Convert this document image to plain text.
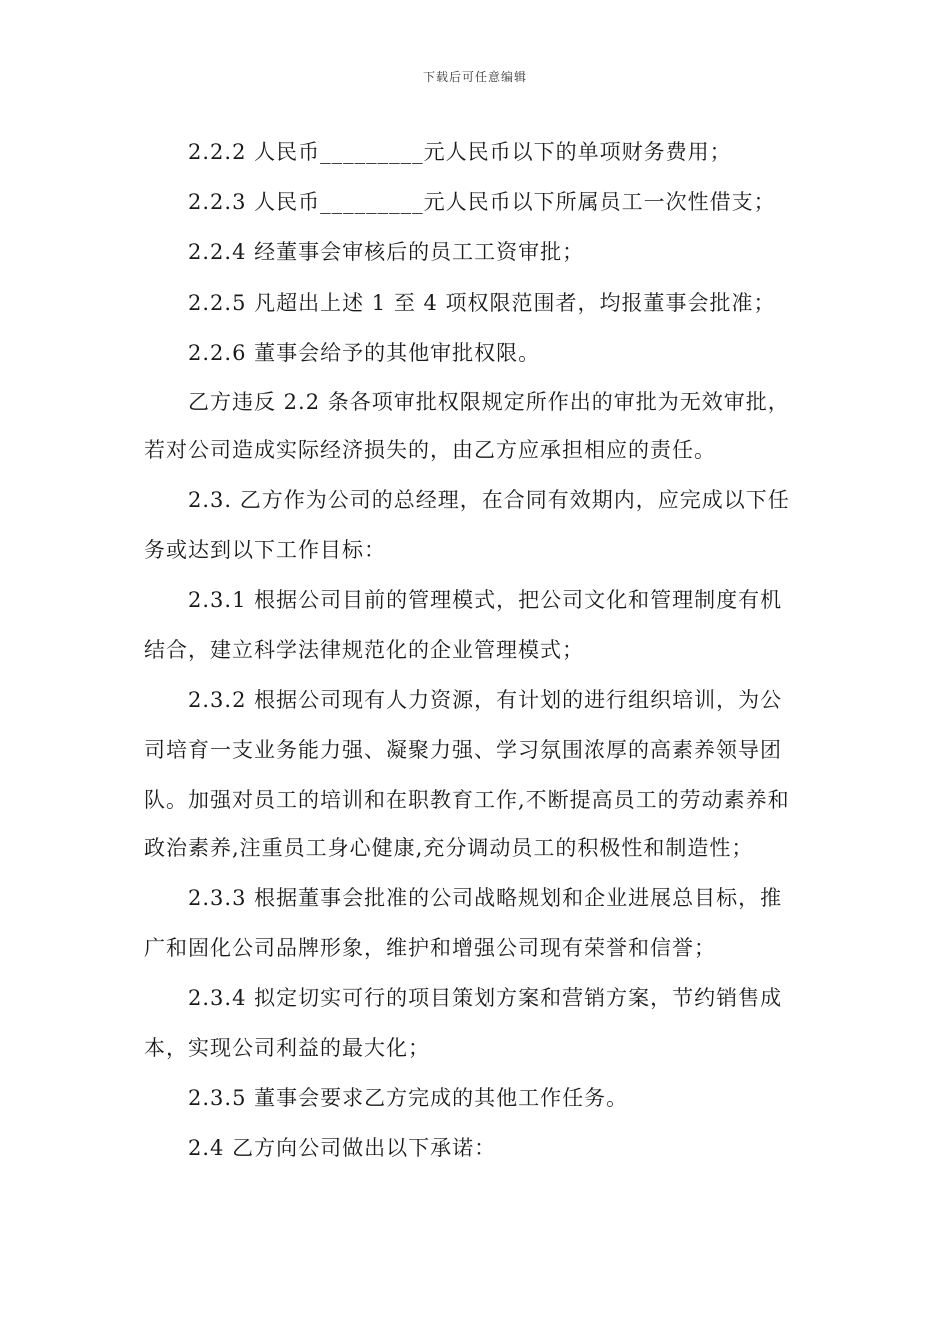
下载后可任意编辑
2.2.2 人民币_________元人民币以下的单项财务费用；
2.2.3 人民币_________元人民币以下所属员工一次性借支；
2.2.4 经董事会审核后的员工工资审批；
2.2.5 凡超出上述 1 至 4 项权限范围者，均报董事会批准；
2.2.6 董事会给予的其他审批权限。
乙方违反 2.2 条各项审批权限规定所作出的审批为无效审批，
若对公司造成实际经济损失的，由乙方应承担相应的责任。
2.3. 乙方作为公司的总经理，在合同有效期内，应完成以下任
务或达到以下工作目标：
2.3.1 根据公司目前的管理模式，把公司文化和管理制度有机
结合，建立科学法律规范化的企业管理模式；
2.3.2 根据公司现有人力资源，有计划的进行组织培训，为公
司培育一支业务能力强、凝聚力强、学习氛围浓厚的高素养领导团
队。加强对员工的培训和在职教育工作,不断提高员工的劳动素养和
政治素养,注重员工身心健康,充分调动员工的积极性和制造性；
2.3.3 根据董事会批准的公司战略规划和企业进展总目标，推
广和固化公司品牌形象，维护和增强公司现有荣誉和信誉；
2.3.4 拟定切实可行的项目策划方案和营销方案，节约销售成
本，实现公司利益的最大化；
2.3.5 董事会要求乙方完成的其他工作任务。
2.4 乙方向公司做出以下承诺：
